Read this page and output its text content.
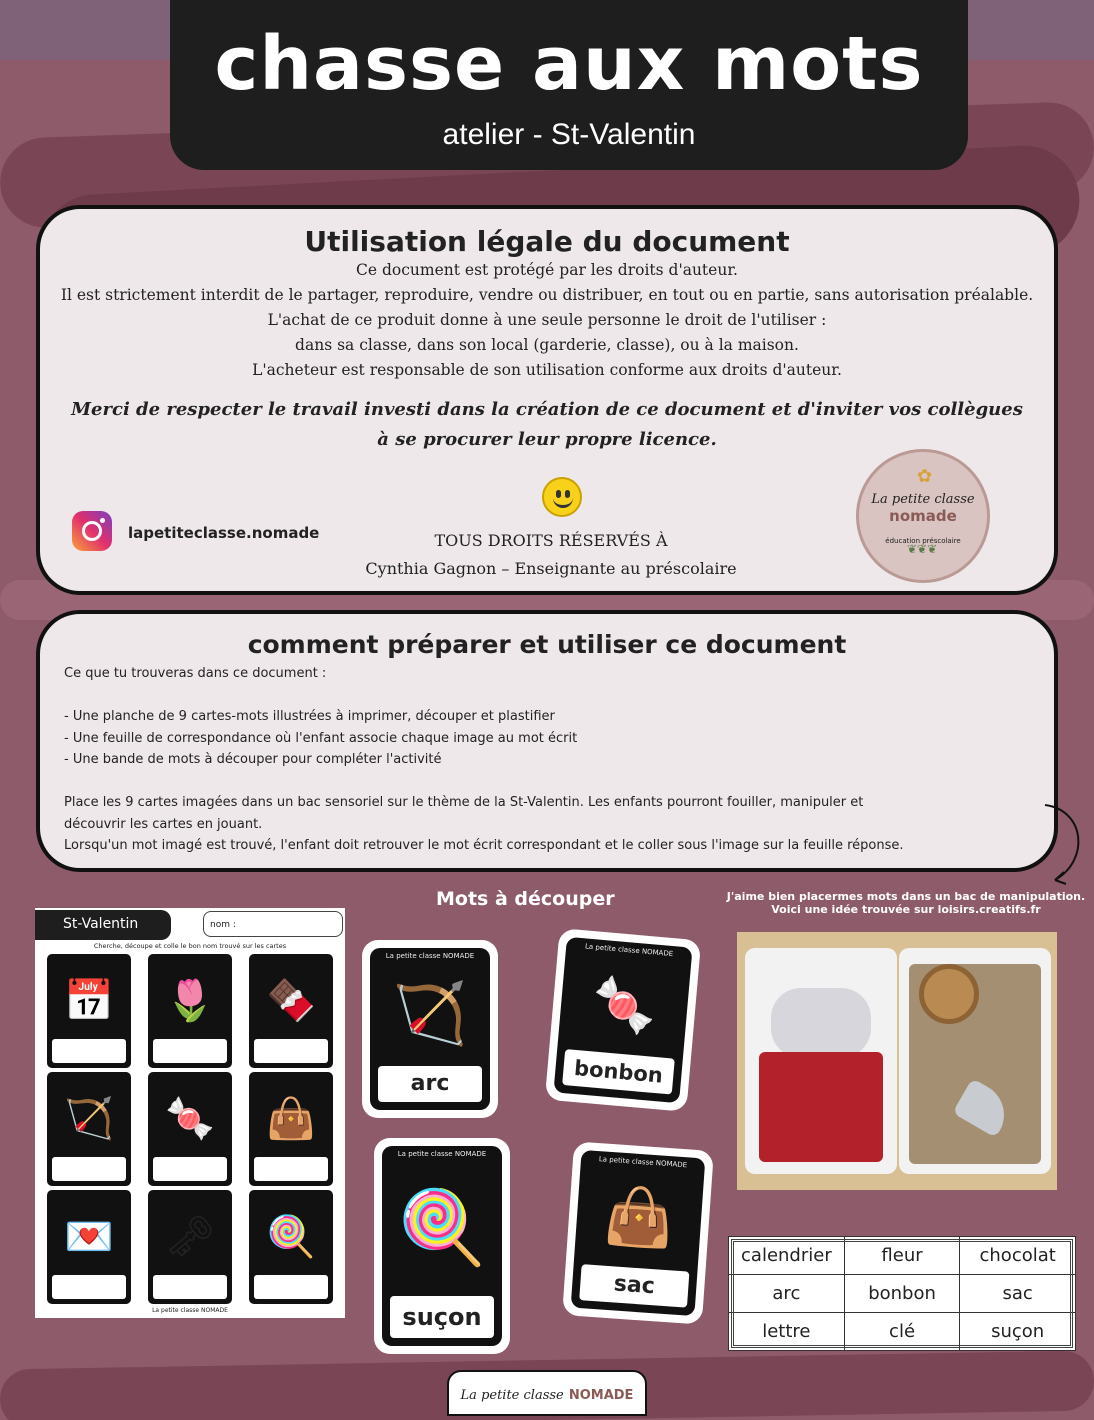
chasse aux mots
atelier - St-Valentin
Utilisation légale du document
Ce document est protégé par les droits d'auteur.
Il est strictement interdit de le partager, reproduire, vendre ou distribuer, en tout ou en partie, sans autorisation préalable.
L'achat de ce produit donne à une seule personne le droit de l'utiliser :
dans sa classe, dans son local (garderie, classe), ou à la maison.
L'acheteur est responsable de son utilisation conforme aux droits d'auteur.
Merci de respecter le travail investi dans la création de ce document et d'inviter vos collègues
à se procurer leur propre licence.
lapetiteclasse.nomade	TOUS DROITS RÉSERVÉS À
Cynthia Gagnon – Enseignante au préscolaire
✿
La petite classe
nomade
❦❦❦
éducation préscolaire
comment préparer et utiliser ce document

Ce que tu trouveras dans ce document :

- Une planche de 9 cartes-mots illustrées à imprimer, découper et plastifier

- Une feuille de correspondance où l'enfant associe chaque image au mot écrit

- Une bande de mots à découper pour compléter l'activité

Place les 9 cartes imagées dans un bac sensoriel sur le thème de la St-Valentin. Les enfants pourront fouiller, manipuler et découvrir les cartes en jouant.

Lorsqu'un mot imagé est trouvé, l'enfant doit retrouver le mot écrit correspondant et le coller sous l'image sur la feuille réponse.

St-Valentin	nom :
Cherche, découpe et colle le bon nom trouvé sur les cartes
📅	🌷	🍫
🏹	🍬	👜
💌	🗝	🍭
La petite classe NOMADE
Mots à découper
La petite classe NOMADE
🏹
arc
La petite classe NOMADE
🍬
bonbon
La petite classe NOMADE
🍭
suçon
La petite classe NOMADE
👜
sac
J'aime bien placermes mots dans un bac de manipulation.
Voici une idée trouvée sur loisirs.creatifs.fr
calendrier	fleur	chocolat
arc	bonbon	sac
lettre	clé	suçon
La petite classe NOMADE
